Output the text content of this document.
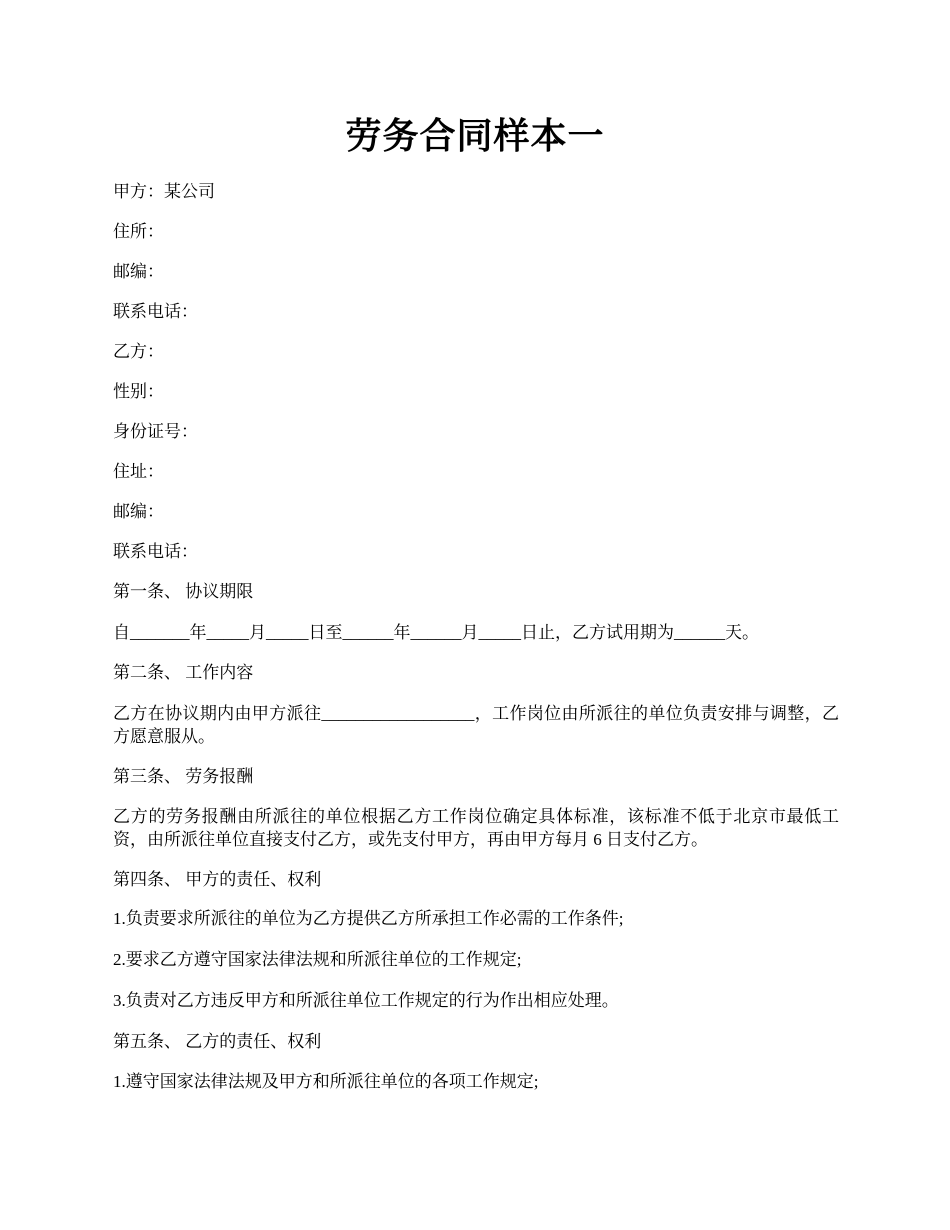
劳务合同样本一
甲方：某公司
住所：
邮编：
联系电话：
乙方：
性别：
身份证号：
住址：
邮编：
联系电话：
第一条、 协议期限
自_______年_____月_____日至______年______月_____日止，乙方试用期为______天。
第二条、 工作内容
乙方在协议期内由甲方派往__________________，工作岗位由所派往的单位负责安排与调整，乙方愿意服从。
第三条、 劳务报酬
乙方的劳务报酬由所派往的单位根据乙方工作岗位确定具体标准，该标准不低于北京市最低工资，由所派往单位直接支付乙方，或先支付甲方，再由甲方每月 6 日支付乙方。
第四条、 甲方的责任、权利
1.负责要求所派往的单位为乙方提供乙方所承担工作必需的工作条件;
2.要求乙方遵守国家法律法规和所派往单位的工作规定;
3.负责对乙方违反甲方和所派往单位工作规定的行为作出相应处理。
第五条、 乙方的责任、权利
1.遵守国家法律法规及甲方和所派往单位的各项工作规定;
